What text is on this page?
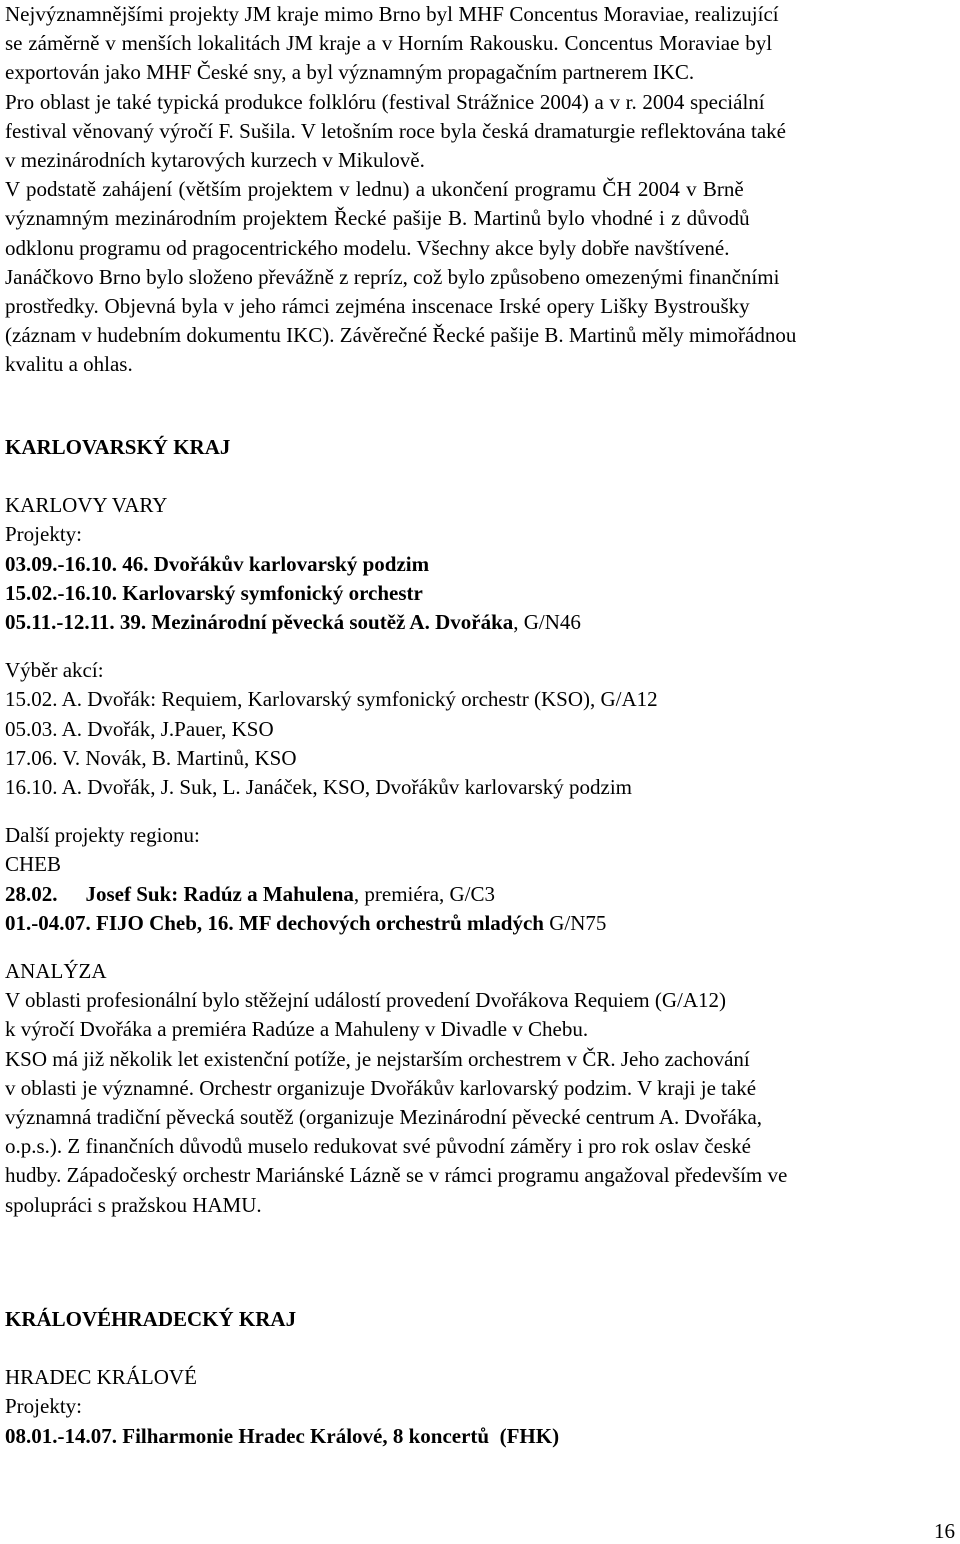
Nejvýznamnějšími projekty JM kraje mimo Brno byl MHF Concentus Moraviae, realizující
se záměrně v menších lokalitách JM kraje a v Horním Rakousku. Concentus Moraviae byl
exportován jako MHF České sny, a byl významným propagačním partnerem IKC.
Pro oblast je také typická produkce folklóru (festival Strážnice 2004) a v r. 2004 speciální
festival věnovaný výročí F. Sušila. V letošním roce byla česká dramaturgie reflektována také
v mezinárodních kytarových kurzech v Mikulově.
V podstatě zahájení (větším projektem v lednu) a ukončení programu ČH 2004 v Brně
významným mezinárodním projektem Řecké pašije B. Martinů bylo vhodné i z důvodů
odklonu programu od pragocentrického modelu. Všechny akce byly dobře navštívené.
Janáčkovo Brno bylo složeno převážně z repríz, což bylo způsobeno omezenými finančními
prostředky. Objevná byla v jeho rámci zejména inscenace Irské opery Lišky Bystroušky
(záznam v hudebním dokumentu IKC). Závěrečné Řecké pašije B. Martinů měly mimořádnou
kvalitu a ohlas.
KARLOVARSKÝ KRAJ
KARLOVY VARY
Projekty:
03.09.-16.10. 46. Dvořákův karlovarský podzim
15.02.-16.10. Karlovarský symfonický orchestr
05.11.-12.11. 39. Mezinárodní pěvecká soutěž A. Dvořáka, G/N46
Výběr akcí:
15.02. A. Dvořák: Requiem, Karlovarský symfonický orchestr (KSO), G/A12
05.03. A. Dvořák, J.Pauer, KSO
17.06. V. Novák, B. Martinů, KSO
16.10. A. Dvořák, J. Suk, L. Janáček, KSO, Dvořákův karlovarský podzim
Další projekty regionu:
CHEB
28.02. Josef Suk: Radúz a Mahulena, premiéra, G/C3
01.-04.07. FIJO Cheb, 16. MF dechových orchestrů mladých G/N75
ANALÝZA
V oblasti profesionální bylo stěžejní událostí provedení Dvořákova Requiem (G/A12)
k výročí Dvořáka a premiéra Radúze a Mahuleny v Divadle v Chebu.
KSO má již několik let existenční potíže, je nejstarším orchestrem v ČR. Jeho zachování
v oblasti je významné. Orchestr organizuje Dvořákův karlovarský podzim. V kraji je také
významná tradiční pěvecká soutěž (organizuje Mezinárodní pěvecké centrum A. Dvořáka,
o.p.s.). Z finančních důvodů muselo redukovat své původní záměry i pro rok oslav české
hudby. Západočeský orchestr Mariánské Lázně se v rámci programu angažoval především ve
spolupráci s pražskou HAMU.
KRÁLOVÉHRADECKÝ KRAJ
HRADEC KRÁLOVÉ
Projekty:
08.01.-14.07. Filharmonie Hradec Králové, 8 koncertů  (FHK)
16
